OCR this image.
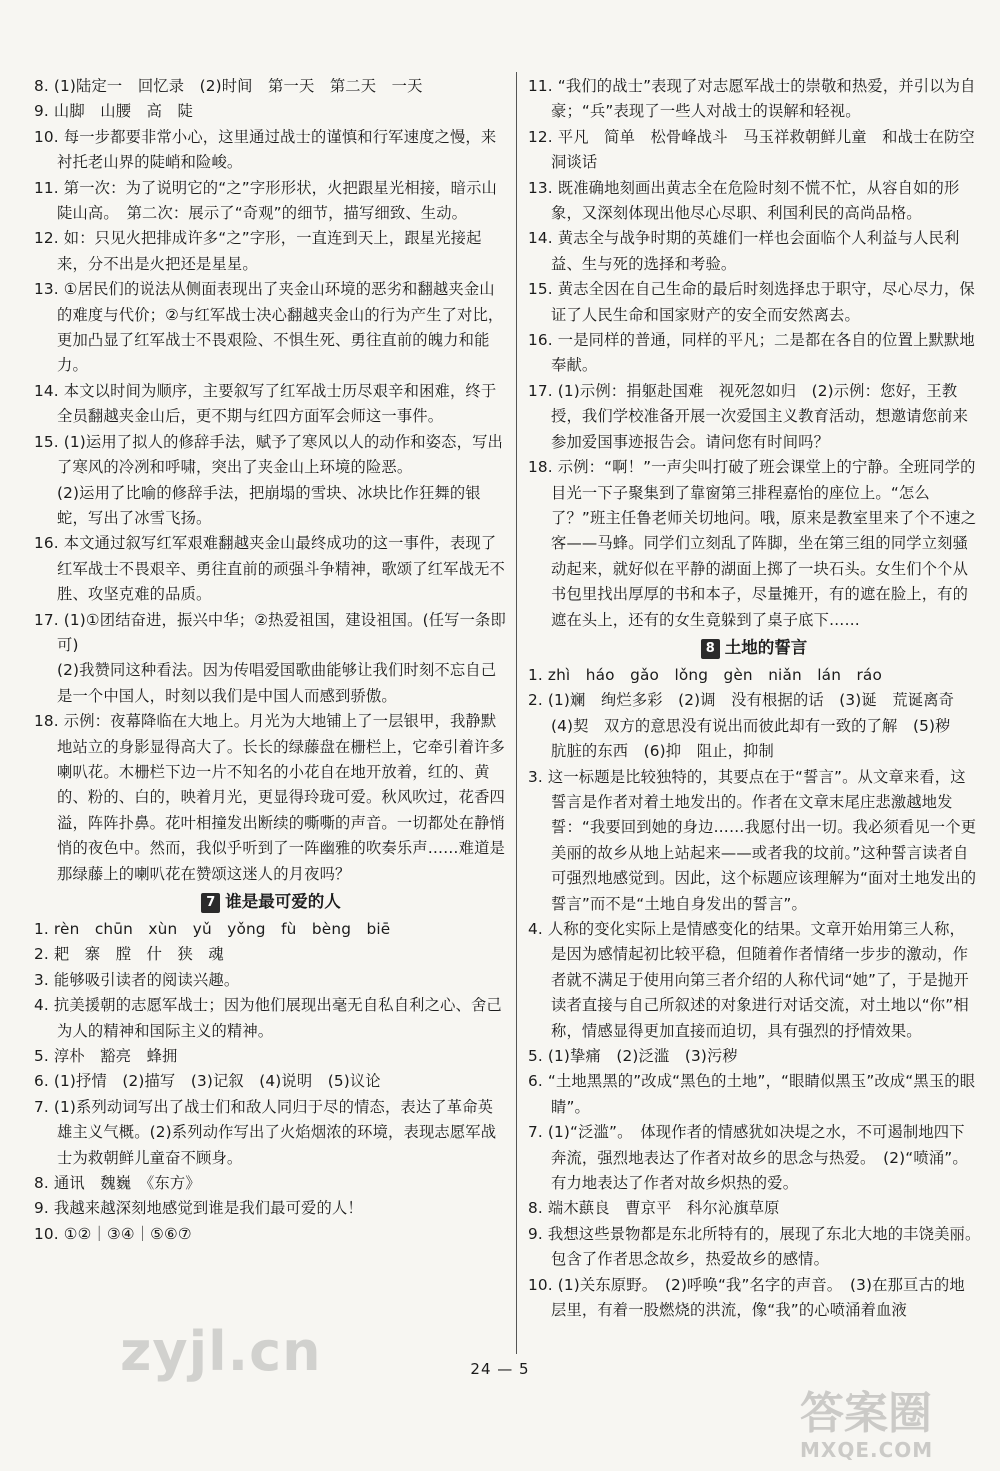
8. (1)陆定一　回忆录　(2)时间　第一天　第二天　一天
9. 山脚　山腰　高　陡
10. 每一步都要非常小心，这里通过战士的谨慎和行军速度之慢，来衬托老山界的陡峭和险峻。
11. 第一次：为了说明它的“之”字形形状，火把跟星光相接，暗示山陡山高。　第二次：展示了“奇观”的细节，描写细致、生动。
12. 如：只见火把排成许多“之”字形，一直连到天上，跟星光接起来，分不出是火把还是星星。
13. ①居民们的说法从侧面表现出了夹金山环境的恶劣和翻越夹金山的难度与代价；②与红军战士决心翻越夹金山的行为产生了对比，更加凸显了红军战士不畏艰险、不惧生死、勇往直前的魄力和能力。
14. 本文以时间为顺序，主要叙写了红军战士历尽艰辛和困难，终于全员翻越夹金山后，更不期与红四方面军会师这一事件。
15. (1)运用了拟人的修辞手法，赋予了寒风以人的动作和姿态，写出了寒风的冷冽和呼啸，突出了夹金山上环境的险恶。
(2)运用了比喻的修辞手法，把崩塌的雪块、冰块比作狂舞的银蛇，写出了冰雪飞扬。
16. 本文通过叙写红军艰难翻越夹金山最终成功的这一事件，表现了红军战士不畏艰辛、勇往直前的顽强斗争精神，歌颂了红军战无不胜、攻坚克难的品质。
17. (1)①团结奋进，振兴中华；②热爱祖国，建设祖国。(任写一条即可)
(2)我赞同这种看法。因为传唱爱国歌曲能够让我们时刻不忘自己是一个中国人，时刻以我们是中国人而感到骄傲。
18. 示例：夜幕降临在大地上。月光为大地铺上了一层银甲，我静默地站立的身影显得高大了。长长的绿藤盘在栅栏上，它牵引着许多喇叭花。木栅栏下边一片不知名的小花自在地开放着，红的、黄的、粉的、白的，映着月光，更显得玲珑可爱。秋风吹过，花香四溢，阵阵扑鼻。花叶相撞发出断续的嘶嘶的声音。一切都处在静悄悄的夜色中。然而，我似乎听到了一阵幽雅的吹奏乐声……难道是那绿藤上的喇叭花在赞颂这迷人的月夜吗？
7 谁是最可爱的人
1. rèn　chūn　xùn　yǔ　yǒng　fù　bèng　biē
2. 耙　寨　膛　什　狭　魂
3. 能够吸引读者的阅读兴趣。
4. 抗美援朝的志愿军战士；因为他们展现出毫无自私自利之心、舍己为人的精神和国际主义的精神。
5. 淳朴　豁亮　蜂拥
6. (1)抒情　(2)描写　(3)记叙　(4)说明　(5)议论
7. (1)系列动词写出了战士们和敌人同归于尽的情态，表达了革命英雄主义气概。(2)系列动作写出了火焰烟浓的环境，表现志愿军战士为救朝鲜儿童奋不顾身。
8. 通讯　魏巍　《东方》
9. 我越来越深刻地感觉到谁是我们最可爱的人！
10. ①②｜③④｜⑤⑥⑦
11. “我们的战士”表现了对志愿军战士的崇敬和热爱，并引以为自豪；“兵”表现了一些人对战士的误解和轻视。
12. 平凡　简单　松骨峰战斗　马玉祥救朝鲜儿童　和战士在防空洞谈话
13. 既准确地刻画出黄志全在危险时刻不慌不忙，从容自如的形象，又深刻体现出他尽心尽职、利国利民的高尚品格。
14. 黄志全与战争时期的英雄们一样也会面临个人利益与人民利益、生与死的选择和考验。
15. 黄志全因在自己生命的最后时刻选择忠于职守，尽心尽力，保证了人民生命和国家财产的安全而安然离去。
16. 一是同样的普通，同样的平凡；二是都在各自的位置上默默地奉献。
17. (1)示例：捐躯赴国难　视死忽如归　(2)示例：您好，王教授，我们学校准备开展一次爱国主义教育活动，想邀请您前来参加爱国事迹报告会。请问您有时间吗？
18. 示例：“啊！”一声尖叫打破了班会课堂上的宁静。全班同学的目光一下子聚集到了靠窗第三排程嘉怡的座位上。“怎么了？”班主任鲁老师关切地问。哦，原来是教室里来了个不速之客——马蜂。同学们立刻乱了阵脚，坐在第三组的同学立刻骚动起来，就好似在平静的湖面上掷了一块石头。女生们个个从书包里找出厚厚的书和本子，尽量摊开，有的遮在脸上，有的遮在头上，还有的女生竟躲到了桌子底下……
8 土地的誓言
1. zhì　háo　gǎo　lǒng　gèn　niǎn　lán　ráo
2. (1)斓　绚烂多彩　(2)调　没有根据的话　(3)诞　荒诞离奇　(4)契　双方的意思没有说出而彼此却有一致的了解　(5)秽　肮脏的东西　(6)抑　阻止，抑制
3. 这一标题是比较独特的，其要点在于“誓言”。从文章来看，这誓言是作者对着土地发出的。作者在文章末尾庄悲激越地发誓：“我要回到她的身边……我愿付出一切。我必须看见一个更美丽的故乡从地上站起来——或者我的坟前。”这种誓言读者自可强烈地感觉到。因此，这个标题应该理解为“面对土地发出的誓言”而不是“土地自身发出的誓言”。
4. 人称的变化实际上是情感变化的结果。文章开始用第三人称，是因为感情起初比较平稳，但随着作者情绪一步步的激动，作者就不满足于使用向第三者介绍的人称代词“她”了，于是抛开读者直接与自己所叙述的对象进行对话交流，对土地以“你”相称，情感显得更加直接而迫切，具有强烈的抒情效果。
5. (1)挚痛　(2)泛滥　(3)污秽
6. “土地黑黑的”改成“黑色的土地”，“眼睛似黑玉”改成“黑玉的眼睛”。
7. (1)“泛滥”。　体现作者的情感犹如决堤之水，不可遏制地四下奔流，强烈地表达了作者对故乡的思念与热爱。　(2)“喷涌”。　有力地表达了作者对故乡炽热的爱。
8. 端木蕻良　曹京平　科尔沁旗草原
9. 我想这些景物都是东北所特有的，展现了东北大地的丰饶美丽。　包含了作者思念故乡，热爱故乡的感情。
10. (1)关东原野。　(2)呼唤“我”名字的声音。　(3)在那亘古的地层里，有着一股燃烧的洪流，像“我”的心喷涌着血液
24 — 5
zyjl.cn
答案圈
MXQE.COM
